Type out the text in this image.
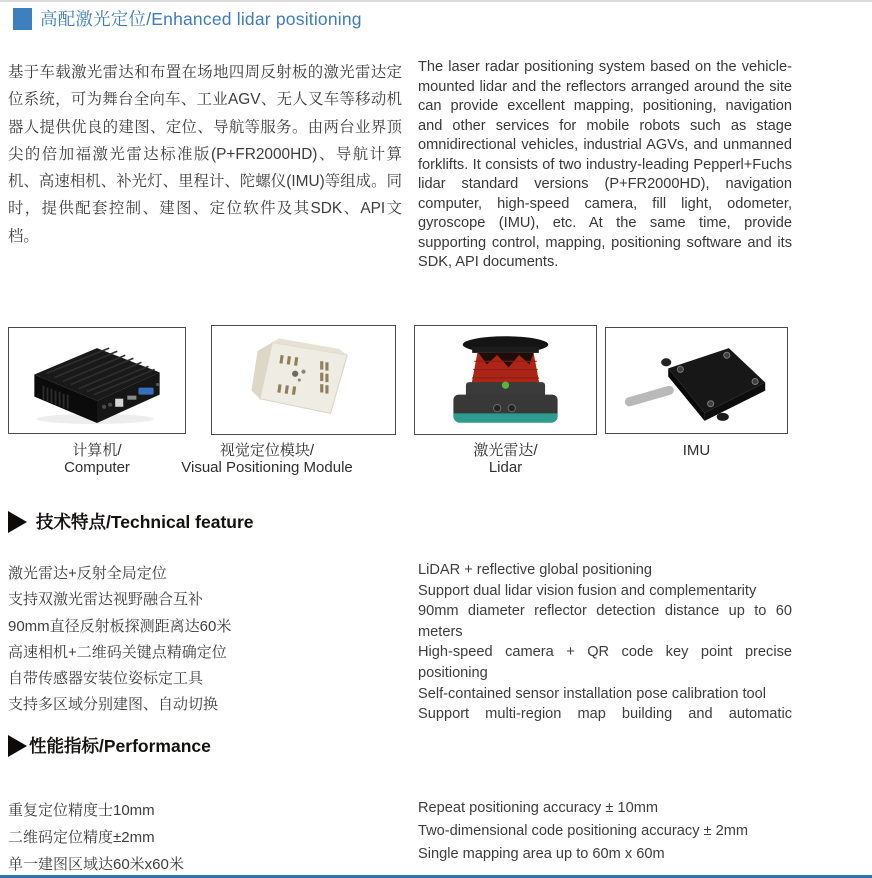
高配激光定位/Enhanced lidar positioning

基于车载激光雷达和布置在场地四周反射板的激光雷达定位系统，可为舞台全向车、工业AGV、无人叉车等移动机器人提供优良的建图、定位、导航等服务。由两台业界顶尖的倍加福激光雷达标准版(P+FR2000HD)、导航计算机、高速相机、补光灯、里程计、陀螺仪(IMU)等组成。同时，提供配套控制、建图、定位软件及其SDK、API文档。

The laser radar positioning system based on the vehicle-mounted lidar and the reflectors arranged around the site can provide excellent mapping, positioning, navigation and other services for mobile robots such as stage omnidirectional vehicles, industrial AGVs, and unmanned forklifts. It consists of two industry-leading Pepperl+Fuchs lidar standard versions (P+FR2000HD), navigation computer, high-speed camera, fill light, odometer, gyroscope (IMU), etc. At the same time, provide supporting control, mapping, positioning software and its SDK, API documents.

计算机/
Computer
视觉定位模块/
Visual Positioning Module
激光雷达/
Lidar
IMU
技术特点/Technical feature
激光雷达+反射全局定位
支持双激光雷达视野融合互补
90mm直径反射板探测距离达60米
高速相机+二维码关键点精确定位
自带传感器安装位姿标定工具
支持多区域分别建图、自动切换
LiDAR + reflective global positioning
Support dual lidar vision fusion and complementarity
90mm diameter reflector detection distance up to 60 meters
High-speed camera + QR code key point precise positioning
Self-contained sensor installation pose calibration tool
Support multi-region map building and automatic
性能指标/Performance
重复定位精度士10mm
二维码定位精度±2mm
单一建图区域达60米x60米
Repeat positioning accuracy ± 10mm
Two-dimensional code positioning accuracy ± 2mm
Single mapping area up to 60m x 60m
